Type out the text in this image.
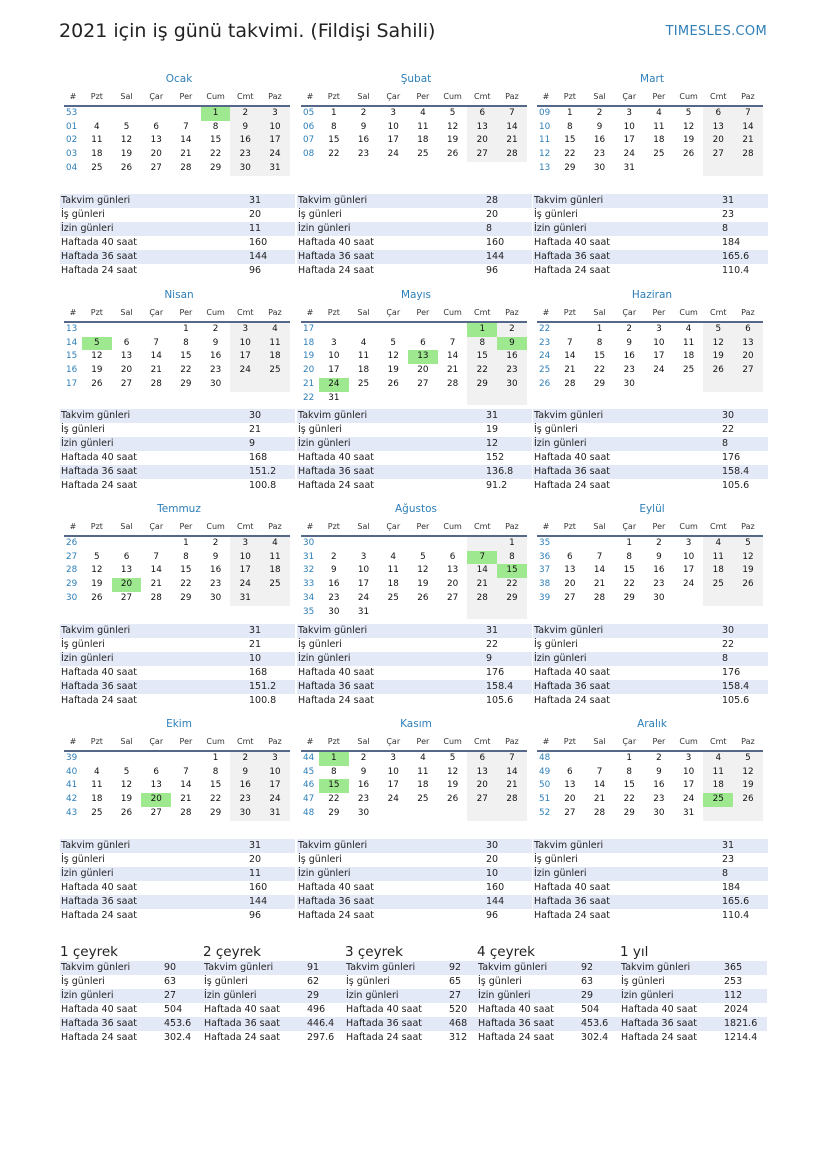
2021 için iş günü takvimi. (Fildişi Sahili)	TIMESLES.COM
Ocak
#	Pzt	Sal	Çar	Per	Cum	Cmt	Paz
53					1	2	3
01	4	5	6	7	8	9	10
02	11	12	13	14	15	16	17
03	18	19	20	21	22	23	24
04	25	26	27	28	29	30	31
Takvim günleri	31
İş günleri	20
İzin günleri	11
Haftada 40 saat	160
Haftada 36 saat	144
Haftada 24 saat	96
Şubat
#	Pzt	Sal	Çar	Per	Cum	Cmt	Paz
05	1	2	3	4	5	6	7
06	8	9	10	11	12	13	14
07	15	16	17	18	19	20	21
08	22	23	24	25	26	27	28
Takvim günleri	28
İş günleri	20
İzin günleri	8
Haftada 40 saat	160
Haftada 36 saat	144
Haftada 24 saat	96
Mart
#	Pzt	Sal	Çar	Per	Cum	Cmt	Paz
09	1	2	3	4	5	6	7
10	8	9	10	11	12	13	14
11	15	16	17	18	19	20	21
12	22	23	24	25	26	27	28
13	29	30	31				
Takvim günleri	31
İş günleri	23
İzin günleri	8
Haftada 40 saat	184
Haftada 36 saat	165.6
Haftada 24 saat	110.4
Nisan
#	Pzt	Sal	Çar	Per	Cum	Cmt	Paz
13				1	2	3	4
14	5	6	7	8	9	10	11
15	12	13	14	15	16	17	18
16	19	20	21	22	23	24	25
17	26	27	28	29	30		
Takvim günleri	30
İş günleri	21
İzin günleri	9
Haftada 40 saat	168
Haftada 36 saat	151.2
Haftada 24 saat	100.8
Mayıs
#	Pzt	Sal	Çar	Per	Cum	Cmt	Paz
17						1	2
18	3	4	5	6	7	8	9
19	10	11	12	13	14	15	16
20	17	18	19	20	21	22	23
21	24	25	26	27	28	29	30
22	31						
Takvim günleri	31
İş günleri	19
İzin günleri	12
Haftada 40 saat	152
Haftada 36 saat	136.8
Haftada 24 saat	91.2
Haziran
#	Pzt	Sal	Çar	Per	Cum	Cmt	Paz
22		1	2	3	4	5	6
23	7	8	9	10	11	12	13
24	14	15	16	17	18	19	20
25	21	22	23	24	25	26	27
26	28	29	30				
Takvim günleri	30
İş günleri	22
İzin günleri	8
Haftada 40 saat	176
Haftada 36 saat	158.4
Haftada 24 saat	105.6
Temmuz
#	Pzt	Sal	Çar	Per	Cum	Cmt	Paz
26				1	2	3	4
27	5	6	7	8	9	10	11
28	12	13	14	15	16	17	18
29	19	20	21	22	23	24	25
30	26	27	28	29	30	31	
Takvim günleri	31
İş günleri	21
İzin günleri	10
Haftada 40 saat	168
Haftada 36 saat	151.2
Haftada 24 saat	100.8
Ağustos
#	Pzt	Sal	Çar	Per	Cum	Cmt	Paz
30							1
31	2	3	4	5	6	7	8
32	9	10	11	12	13	14	15
33	16	17	18	19	20	21	22
34	23	24	25	26	27	28	29
35	30	31					
Takvim günleri	31
İş günleri	22
İzin günleri	9
Haftada 40 saat	176
Haftada 36 saat	158.4
Haftada 24 saat	105.6
Eylül
#	Pzt	Sal	Çar	Per	Cum	Cmt	Paz
35			1	2	3	4	5
36	6	7	8	9	10	11	12
37	13	14	15	16	17	18	19
38	20	21	22	23	24	25	26
39	27	28	29	30			
Takvim günleri	30
İş günleri	22
İzin günleri	8
Haftada 40 saat	176
Haftada 36 saat	158.4
Haftada 24 saat	105.6
Ekim
#	Pzt	Sal	Çar	Per	Cum	Cmt	Paz
39					1	2	3
40	4	5	6	7	8	9	10
41	11	12	13	14	15	16	17
42	18	19	20	21	22	23	24
43	25	26	27	28	29	30	31
Takvim günleri	31
İş günleri	20
İzin günleri	11
Haftada 40 saat	160
Haftada 36 saat	144
Haftada 24 saat	96
Kasım
#	Pzt	Sal	Çar	Per	Cum	Cmt	Paz
44	1	2	3	4	5	6	7
45	8	9	10	11	12	13	14
46	15	16	17	18	19	20	21
47	22	23	24	25	26	27	28
48	29	30					
Takvim günleri	30
İş günleri	20
İzin günleri	10
Haftada 40 saat	160
Haftada 36 saat	144
Haftada 24 saat	96
Aralık
#	Pzt	Sal	Çar	Per	Cum	Cmt	Paz
48			1	2	3	4	5
49	6	7	8	9	10	11	12
50	13	14	15	16	17	18	19
51	20	21	22	23	24	25	26
52	27	28	29	30	31		
Takvim günleri	31
İş günleri	23
İzin günleri	8
Haftada 40 saat	184
Haftada 36 saat	165.6
Haftada 24 saat	110.4
1 çeyrek
Takvim günleri	90
İş günleri	63
İzin günleri	27
Haftada 40 saat	504
Haftada 36 saat	453.6
Haftada 24 saat	302.4
2 çeyrek
Takvim günleri	91
İş günleri	62
İzin günleri	29
Haftada 40 saat	496
Haftada 36 saat	446.4
Haftada 24 saat	297.6
3 çeyrek
Takvim günleri	92
İş günleri	65
İzin günleri	27
Haftada 40 saat	520
Haftada 36 saat	468
Haftada 24 saat	312
4 çeyrek
Takvim günleri	92
İş günleri	63
İzin günleri	29
Haftada 40 saat	504
Haftada 36 saat	453.6
Haftada 24 saat	302.4
1 yıl
Takvim günleri	365
İş günleri	253
İzin günleri	112
Haftada 40 saat	2024
Haftada 36 saat	1821.6
Haftada 24 saat	1214.4
